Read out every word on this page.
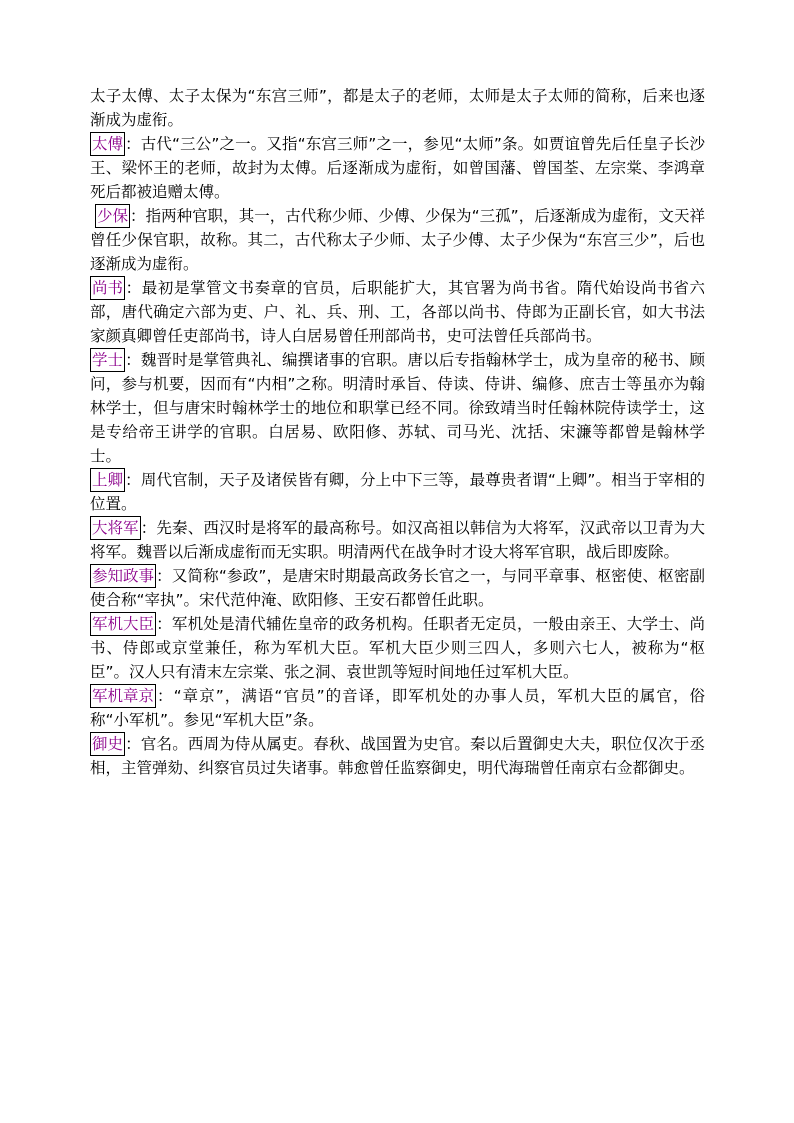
太子太傅、太子太保为“东宫三师”，都是太子的老师，太师是太子太师的简称，后来也逐渐成为虚衔。

太傅 ：古代“三公”之一。又指“东宫三师”之一，参见“太师”条。如贾谊曾先后任皇子长沙王、梁怀王的老师，故封为太傅。后逐渐成为虚衔，如曾国藩、曾国荃、左宗棠、李鸿章死后都被追赠太傅。

少保 ：指两种官职，其一，古代称少师、少傅、少保为“三孤”，后逐渐成为虚衔，文天祥曾任少保官职，故称。其二，古代称太子少师、太子少傅、太子少保为“东宫三少”，后也逐渐成为虚衔。

尚书 ：最初是掌管文书奏章的官员，后职能扩大，其官署为尚书省。隋代始设尚书省六部，唐代确定六部为吏、户、礼、兵、刑、工，各部以尚书、侍郎为正副长官，如大书法家颜真卿曾任吏部尚书，诗人白居易曾任刑部尚书，史可法曾任兵部尚书。

学士 ：魏晋时是掌管典礼、编撰诸事的官职。唐以后专指翰林学士，成为皇帝的秘书、顾问，参与机要，因而有“内相”之称。明清时承旨、侍读、侍讲、编修、庶吉士等虽亦为翰林学士，但与唐宋时翰林学士的地位和职掌已经不同。徐致靖当时任翰林院侍读学士，这是专给帝王讲学的官职。白居易、欧阳修、苏轼、司马光、沈括、宋濂等都曾是翰林学士。

上卿 ：周代官制，天子及诸侯皆有卿，分上中下三等，最尊贵者谓“上卿”。相当于宰相的位置。

大将军 ：先秦、西汉时是将军的最高称号。如汉高祖以韩信为大将军，汉武帝以卫青为大将军。魏晋以后渐成虚衔而无实职。明清两代在战争时才设大将军官职，战后即废除。

参知政事 ：又简称“参政”，是唐宋时期最高政务长官之一，与同平章事、枢密使、枢密副使合称“宰执”。宋代范仲淹、欧阳修、王安石都曾任此职。

军机大臣 ：军机处是清代辅佐皇帝的政务机构。任职者无定员，一般由亲王、大学士、尚书、侍郎或京堂兼任，称为军机大臣。军机大臣少则三四人，多则六七人，被称为“枢臣”。汉人只有清末左宗棠、张之洞、袁世凯等短时间地任过军机大臣。

军机章京 ：“章京”，满语“官员”的音译，即军机处的办事人员，军机大臣的属官，俗称“小军机”。参见“军机大臣”条。

御史 ：官名。西周为侍从属吏。春秋、战国置为史官。秦以后置御史大夫，职位仅次于丞相，主管弹劾、纠察官员过失诸事。韩愈曾任监察御史，明代海瑞曾任南京右佥都御史。
